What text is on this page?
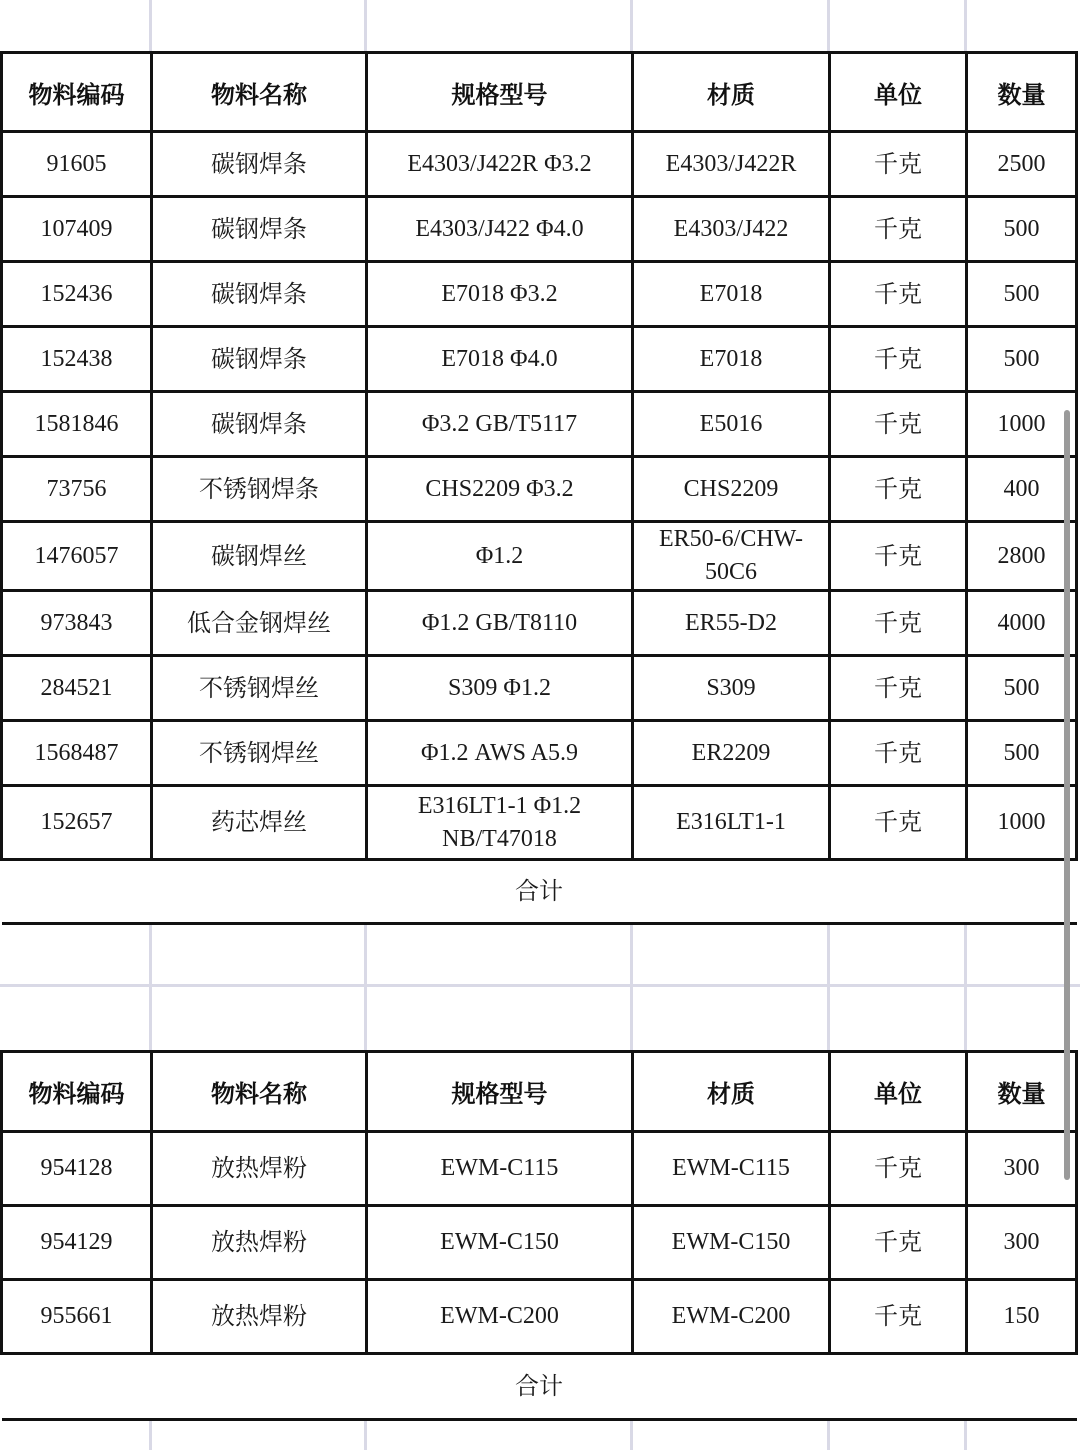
物料编码	物料名称	规格型号	材质	单位	数量
91605	碳钢焊条	E4303/J422R Φ3.2	E4303/J422R	千克	2500
107409	碳钢焊条	E4303/J422 Φ4.0	E4303/J422	千克	500
152436	碳钢焊条	E7018 Φ3.2	E7018	千克	500
152438	碳钢焊条	E7018 Φ4.0	E7018	千克	500
1581846	碳钢焊条	Φ3.2 GB/T5117	E5016	千克	1000
73756	不锈钢焊条	CHS2209 Φ3.2	CHS2209	千克	400
1476057	碳钢焊丝	Φ1.2	ER50-6/CHW-50C6	千克	2800
973843	低合金钢焊丝	Φ1.2 GB/T8110	ER55-D2	千克	4000
284521	不锈钢焊丝	S309 Φ1.2	S309	千克	500
1568487	不锈钢焊丝	Φ1.2 AWS A5.9	ER2209	千克	500
152657	药芯焊丝	E316LT1-1 Φ1.2 NB/T47018	E316LT1-1	千克	1000
合计					
物料编码	物料名称	规格型号	材质	单位	数量
954128	放热焊粉	EWM-C115	EWM-C115	千克	300
954129	放热焊粉	EWM-C150	EWM-C150	千克	300
955661	放热焊粉	EWM-C200	EWM-C200	千克	150
合计					
